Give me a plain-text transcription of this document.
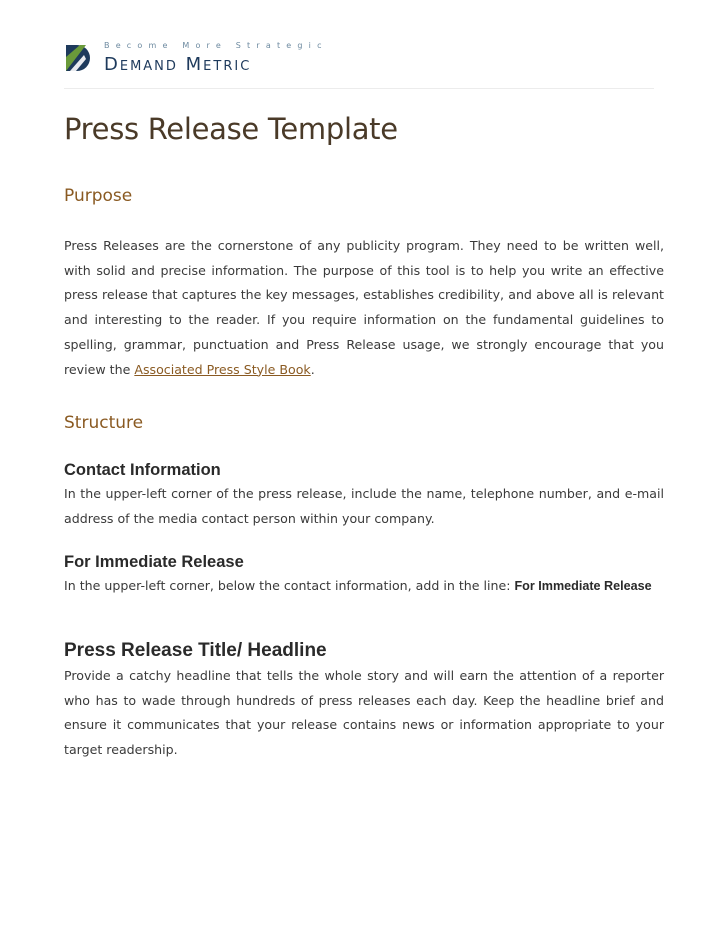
Become More Strategic
Demand Metric
Press Release Template
Purpose

Press Releases are the cornerstone of any publicity program. They need to be written well, with solid and precise information. The purpose of this tool is to help you write an effective press release that captures the key messages, establishes credibility, and above all is relevant and interesting to the reader. If you require information on the fundamental guidelines to spelling, grammar, punctuation and Press Release usage, we strongly encourage that you review the Associated Press Style Book.

Structure
Contact Information

In the upper-left corner of the press release, include the name, telephone number, and e-mail address of the media contact person within your company.

For Immediate Release

In the upper-left corner, below the contact information, add in the line: For Immediate Release

Press Release Title/ Headline

Provide a catchy headline that tells the whole story and will earn the attention of a reporter who has to wade through hundreds of press releases each day. Keep the headline brief and ensure it communicates that your release contains news or information appropriate to your target readership.
